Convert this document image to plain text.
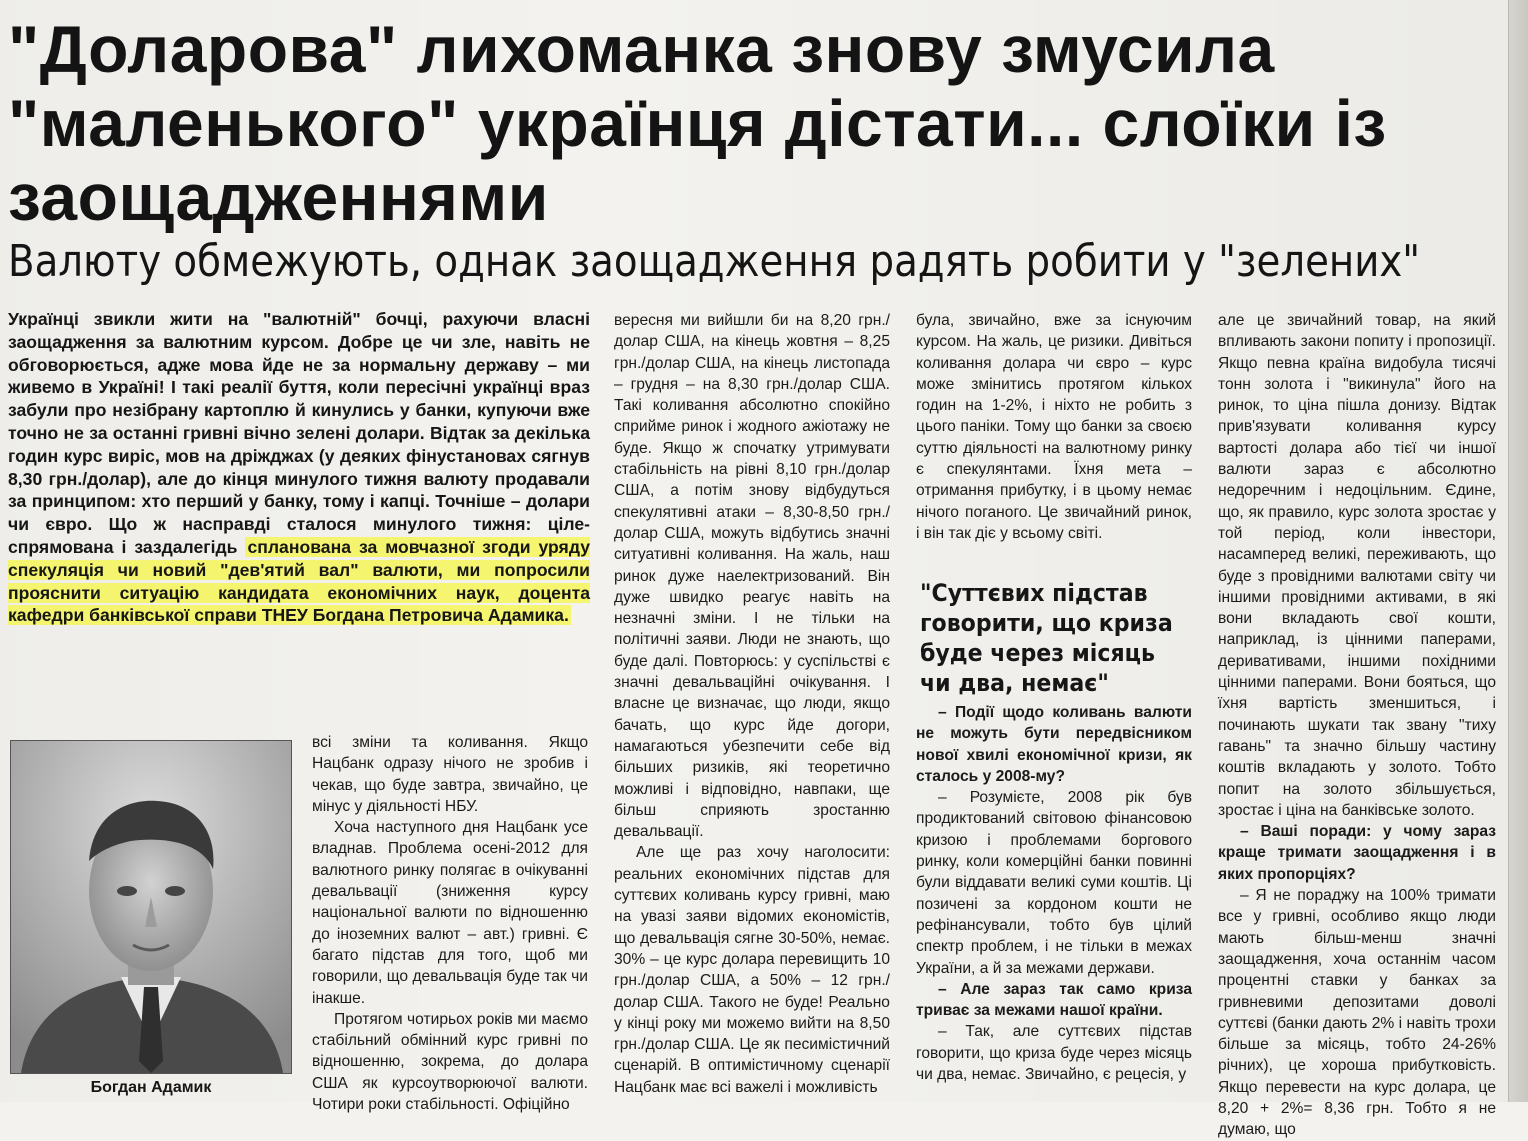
"Доларова" лихоманка знову змусила "маленького" українця дістати... слоїки із заощадженнями
Валюту обмежують, однак заощадження радять робити у "зелених"
Українці звикли жити на "валютній" бочці, рахуючи власні заощадження за валютним курсом. Добре це чи зле, навіть не обговорюється, адже мова йде не за нормальну державу – ми живемо в Україні! І такі реалії буття, коли пересічні українці враз забули про незібрану картоплю й кинулись у банки, купуючи вже точно не за останні гривні вічно зелені долари. Відтак за декілька годин курс виріс, мов на дріжджах (у деяких фінустановах сягнув 8,30 грн./долар), але до кінця минулого тижня валюту продавали за принципом: хто перший у банку, тому і капці. Точніше – долари чи євро. Що ж насправді сталося минулого тижня: цілеспрямована і заздалегідь спланована за мовчазної згоди уряду спекуляція чи новий "дев'ятий вал" валюти, ми попросили прояснити ситуацію кандидата економічних наук, доцента кафедри банківської справи ТНЕУ Богдана Петровича Адамика.
Богдан Адамик

всі зміни та коливання. Якщо Нацбанк одразу нічого не зробив і чекав, що буде завтра, звичайно, це мінус у діяльності НБУ.

Хоча наступного дня Нацбанк усе владнав. Проблема осені-2012 для валютного ринку полягає в очікуванні девальвації (зниження курсу національної валюти по відношенню до іноземних валют – авт.) гривні. Є багато підстав для того, щоб ми говорили, що девальвація буде так чи інакше.

Протягом чотирьох років ми маємо стабільний обмінний курс гривні по відношенню, зокрема, до долара США як курсоутворюючої валюти. Чотири роки стабільності. Офіційно

вересня ми вийшли би на 8,20 грн./долар США, на кінець жовтня – 8,25 грн./долар США, на кінець листопада – грудня – на 8,30 грн./долар США. Такі коливання абсолютно спокійно сприйме ринок і жодного ажіотажу не буде. Якщо ж спочатку утримувати стабільність на рівні 8,10 грн./долар США, а потім знову відбудуться спекулятивні атаки – 8,30-8,50 грн./долар США, можуть відбутись значні ситуативні коливання. На жаль, наш ринок дуже наелектризований. Він дуже швидко реагує навіть на незначні зміни. І не тільки на політичні заяви. Люди не знають, що буде далі. Повторюсь: у суспільстві є значні девальваційні очікування. І власне це визначає, що люди, якщо бачать, що курс йде догори, намагаються убезпечити себе від більших ризиків, які теоретично можливі і відповідно, навпаки, ще більш сприяють зростанню девальвації.

Але ще раз хочу наголосити: реальних економічних підстав для суттєвих коливань курсу гривні, маю на увазі заяви відомих економістів, що девальвація сягне 30-50%, немає. 30% – це курс долара перевищить 10 грн./долар США, а 50% – 12 грн./долар США. Такого не буде! Реально у кінці року ми можемо вийти на 8,50 грн./долар США. Це як песимістичний сценарій. В оптимістичному сценарії Нацбанк має всі важелі і можливість

була, звичайно, вже за існуючим курсом. На жаль, це ризики. Дивіться коливання долара чи євро – курс може змінитись протягом кількох годин на 1-2%, і ніхто не робить з цього паніки. Тому що банки за своєю суттю діяльності на валютному ринку є спекулянтами. Їхня мета – отримання прибутку, і в цьому немає нічого поганого. Це звичайний ринок, і він так діє у всьому світі.

"Суттєвих підстав говорити, що криза буде через місяць чи два, немає"

– Події щодо коливань валюти не можуть бути передвісником нової хвилі економічної кризи, як сталось у 2008-му?

– Розумієте, 2008 рік був продиктований світовою фінансовою кризою і проблемами боргового ринку, коли комерційні банки повинні були віддавати великі суми коштів. Ці позичені за кордоном кошти не рефінансували, тобто був цілий спектр проблем, і не тільки в межах України, а й за межами держави.

– Але зараз так само криза триває за межами нашої країни.

– Так, але суттєвих підстав говорити, що криза буде через місяць чи два, немає. Звичайно, є рецесія, у

але це звичайний товар, на який впливають закони попиту і пропозиції. Якщо певна країна видобула тисячі тонн золота і "викинула" його на ринок, то ціна пішла донизу. Відтак прив'язувати коливання курсу вартості долара або тієї чи іншої валюти зараз є абсолютно недоречним і недоцільним. Єдине, що, як правило, курс золота зростає у той період, коли інвестори, насамперед великі, переживають, що буде з провідними валютами світу чи іншими провідними активами, в які вони вкладають свої кошти, наприклад, із цінними паперами, деривативами, іншими похідними цінними паперами. Вони бояться, що їхня вартість зменшиться, і починають шукати так звану "тиху гавань" та значно більшу частину коштів вкладають у золото. Тобто попит на золото збільшується, зростає і ціна на банківське золото.

– Ваші поради: у чому зараз краще тримати заощадження і в яких пропорціях?

– Я не пораджу на 100% тримати все у гривні, особливо якщо люди мають більш-менш значні заощадження, хоча останнім часом процентні ставки у банках за гривневими депозитами доволі суттєві (банки дають 2% і навіть трохи більше за місяць, тобто 24-26% річних), це хороша прибутковість. Якщо перевести на курс долара, це 8,20 + 2%= 8,36 грн. Тобто я не думаю, що
